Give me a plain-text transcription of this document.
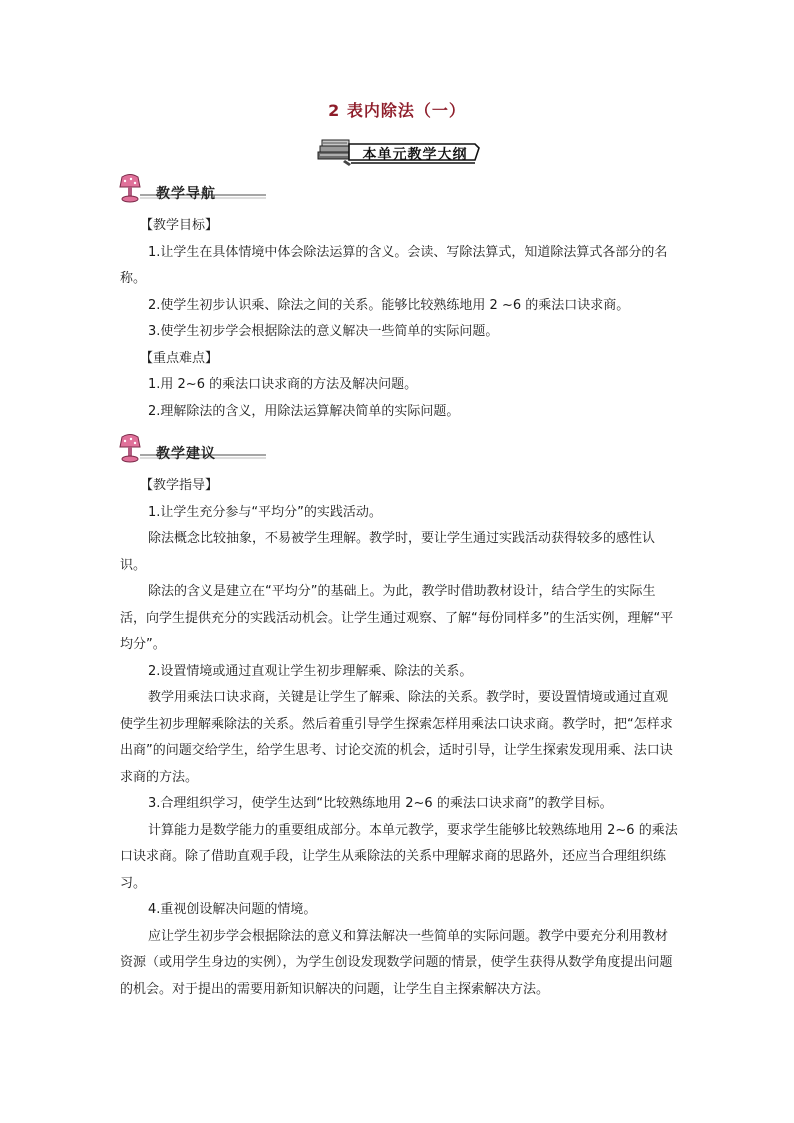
2 表内除法（一）
本单元教学大纲
教学导航

【教学目标】

1.让学生在具体情境中体会除法运算的含义。会读、写除法算式，知道除法算式各部分的名称。

2.使学生初步认识乘、除法之间的关系。能够比较熟练地用 2 ~6 的乘法口诀求商。

3.使学生初步学会根据除法的意义解决一些简单的实际问题。

【重点难点】

1.用 2~6 的乘法口诀求商的方法及解决问题。

2.理解除法的含义，用除法运算解决简单的实际问题。

教学建议

【教学指导】

1.让学生充分参与“平均分”的实践活动。

除法概念比较抽象，不易被学生理解。教学时，要让学生通过实践活动获得较多的感性认识。

除法的含义是建立在“平均分”的基础上。为此，教学时借助教材设计，结合学生的实际生活，向学生提供充分的实践活动机会。让学生通过观察、了解“每份同样多”的生活实例，理解“平均分”。

2.设置情境或通过直观让学生初步理解乘、除法的关系。

教学用乘法口诀求商，关键是让学生了解乘、除法的关系。教学时，要设置情境或通过直观使学生初步理解乘除法的关系。然后着重引导学生探索怎样用乘法口诀求商。教学时，把“怎样求出商”的问题交给学生，给学生思考、讨论交流的机会，适时引导，让学生探索发现用乘、法口诀求商的方法。

3.合理组织学习，使学生达到“比较熟练地用 2~6 的乘法口诀求商”的教学目标。

计算能力是数学能力的重要组成部分。本单元教学，要求学生能够比较熟练地用 2~6 的乘法口诀求商。除了借助直观手段，让学生从乘除法的关系中理解求商的思路外，还应当合理组织练习。

4.重视创设解决问题的情境。

应让学生初步学会根据除法的意义和算法解决一些简单的实际问题。教学中要充分利用教材资源（或用学生身边的实例），为学生创设发现数学问题的情景，使学生获得从数学角度提出问题的机会。对于提出的需要用新知识解决的问题，让学生自主探索解决方法。
